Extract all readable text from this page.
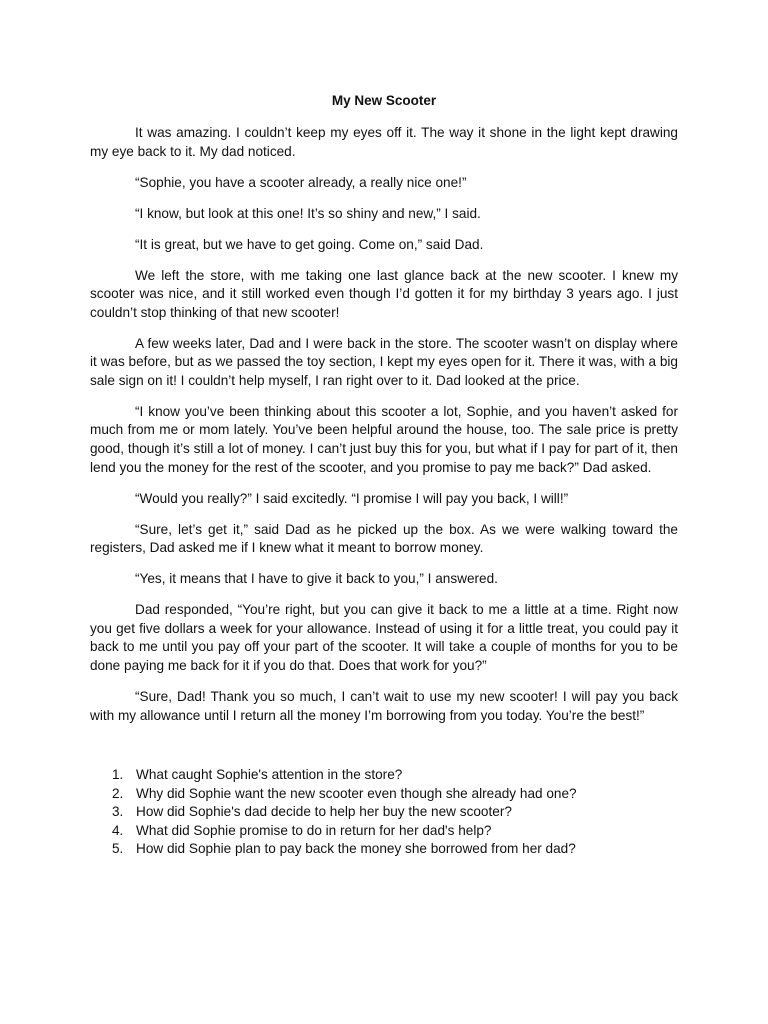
My New Scooter

It was amazing. I couldn’t keep my eyes off it. The way it shone in the light kept drawing my eye back to it. My dad noticed.

“Sophie, you have a scooter already, a really nice one!”

“I know, but look at this one! It’s so shiny and new,” I said.

“It is great, but we have to get going. Come on,” said Dad.

We left the store, with me taking one last glance back at the new scooter. I knew my scooter was nice, and it still worked even though I’d gotten it for my birthday 3 years ago. I just couldn’t stop thinking of that new scooter!

A few weeks later, Dad and I were back in the store. The scooter wasn’t on display where it was before, but as we passed the toy section, I kept my eyes open for it. There it was, with a big sale sign on it! I couldn’t help myself, I ran right over to it. Dad looked at the price.

“I know you’ve been thinking about this scooter a lot, Sophie, and you haven’t asked for much from me or mom lately. You’ve been helpful around the house, too. The sale price is pretty good, though it’s still a lot of money. I can’t just buy this for you, but what if I pay for part of it, then lend you the money for the rest of the scooter, and you promise to pay me back?” Dad asked.

“Would you really?” I said excitedly. “I promise I will pay you back, I will!”

“Sure, let’s get it,” said Dad as he picked up the box. As we were walking toward the registers, Dad asked me if I knew what it meant to borrow money.

“Yes, it means that I have to give it back to you,” I answered.

Dad responded, “You’re right, but you can give it back to me a little at a time. Right now you get five dollars a week for your allowance. Instead of using it for a little treat, you could pay it back to me until you pay off your part of the scooter. It will take a couple of months for you to be done paying me back for it if you do that. Does that work for you?”

“Sure, Dad! Thank you so much, I can’t wait to use my new scooter! I will pay you back with my allowance until I return all the money I’m borrowing from you today. You’re the best!”

1. What caught Sophie's attention in the store?
2. Why did Sophie want the new scooter even though she already had one?
3. How did Sophie's dad decide to help her buy the new scooter?
4. What did Sophie promise to do in return for her dad's help?
5. How did Sophie plan to pay back the money she borrowed from her dad?
